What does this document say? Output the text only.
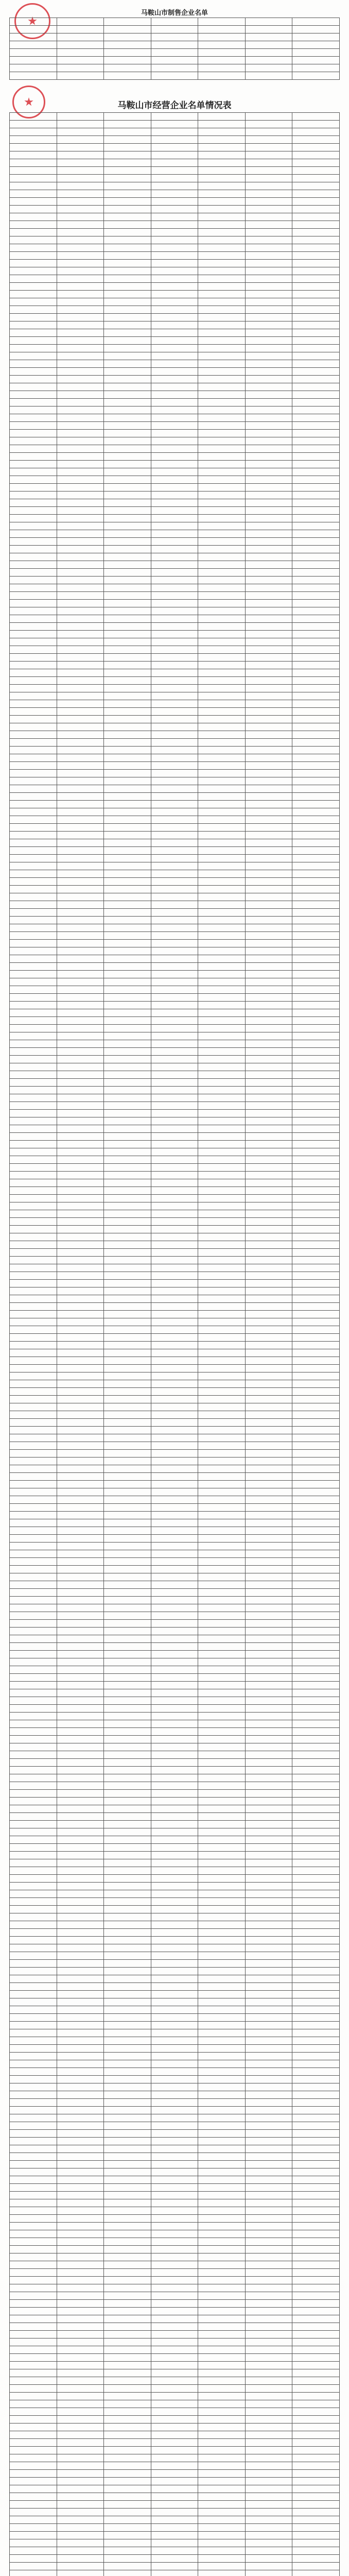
马鞍山市制售企业名单

马鞍山市经营企业名单情况表
